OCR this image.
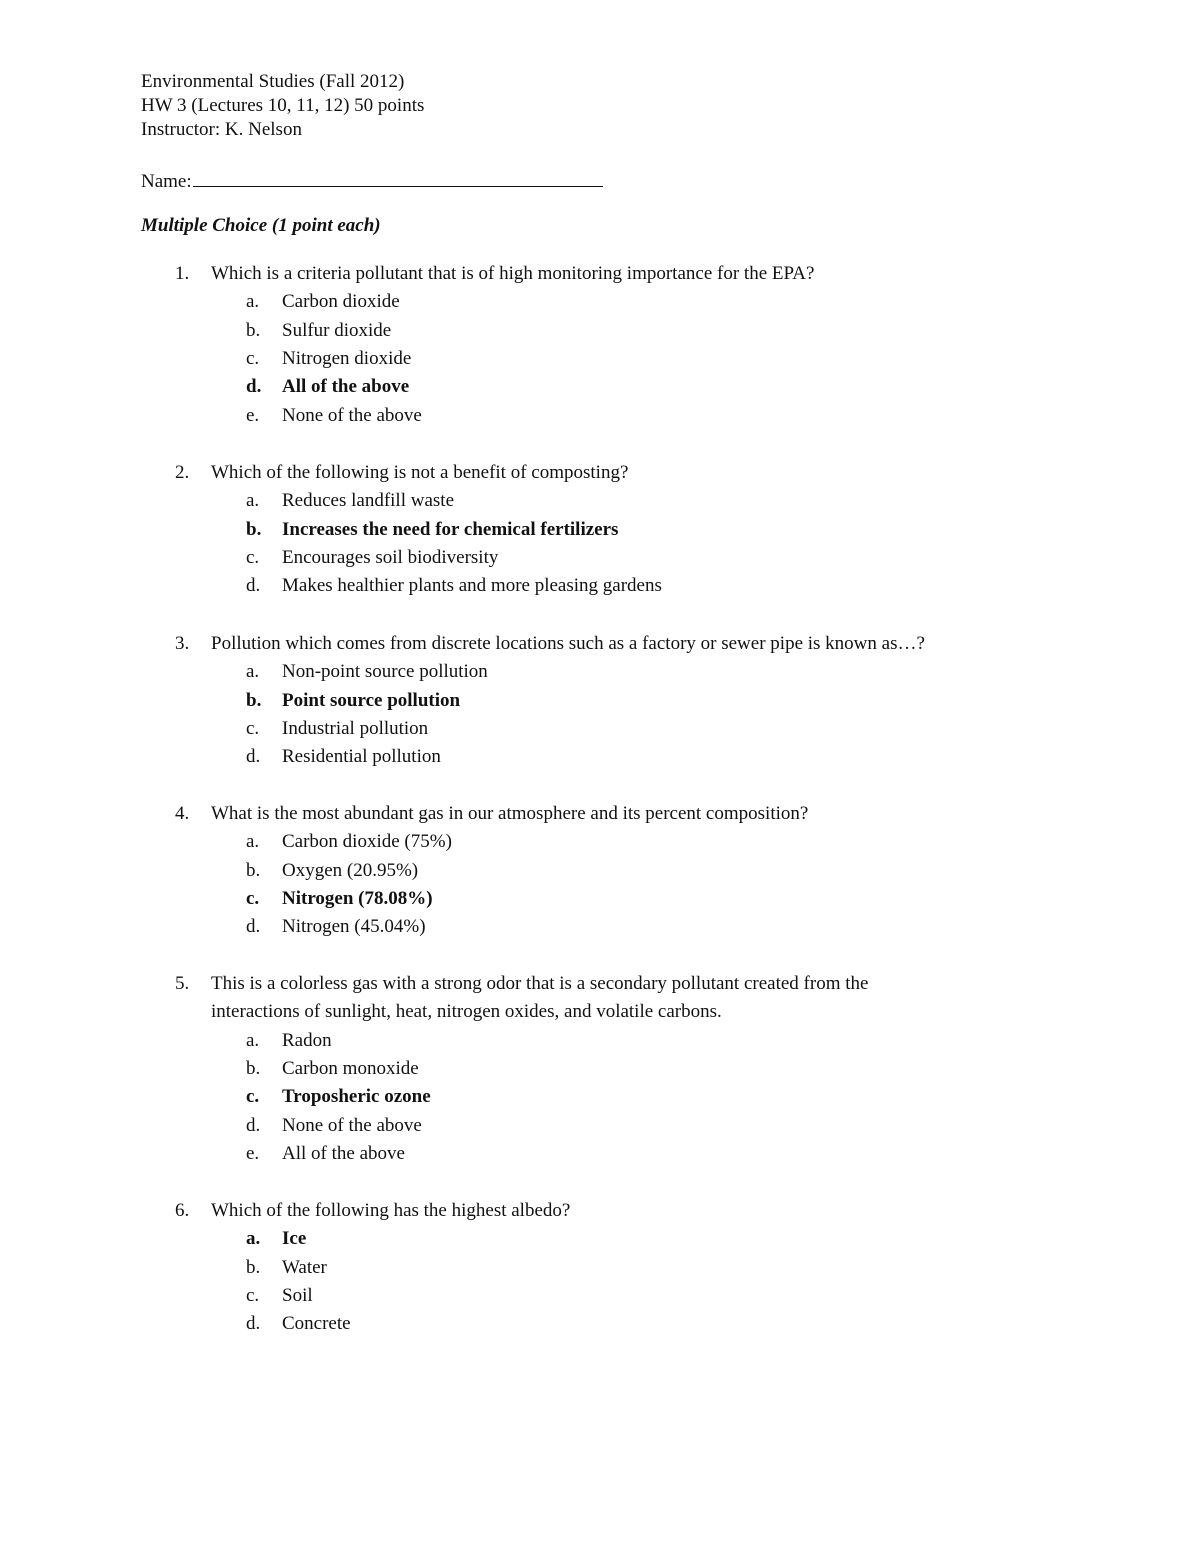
Environmental Studies (Fall 2012)
HW 3 (Lectures 10, 11, 12) 50 points
Instructor: K. Nelson
Name:
Multiple Choice (1 point each)
1.	Which is a criteria pollutant that is of high monitoring importance for the EPA?
a. Carbon dioxide
b. Sulfur dioxide
c. Nitrogen dioxide
d. All of the above
e. None of the above
2.	Which of the following is not a benefit of composting?
a. Reduces landfill waste
b. Increases the need for chemical fertilizers
c. Encourages soil biodiversity
d. Makes healthier plants and more pleasing gardens
3.	Pollution which comes from discrete locations such as a factory or sewer pipe is known as…?
a. Non-point source pollution
b. Point source pollution
c. Industrial pollution
d. Residential pollution
4.	What is the most abundant gas in our atmosphere and its percent composition?
a. Carbon dioxide (75%)
b. Oxygen (20.95%)
c. Nitrogen (78.08%)
d. Nitrogen (45.04%)
5.	This is a colorless gas with a strong odor that is a secondary pollutant created from the
interactions of sunlight, heat, nitrogen oxides, and volatile carbons.
a. Radon
b. Carbon monoxide
c. Troposheric ozone
d. None of the above
e. All of the above
6.	Which of the following has the highest albedo?
a. Ice
b. Water
c. Soil
d. Concrete
